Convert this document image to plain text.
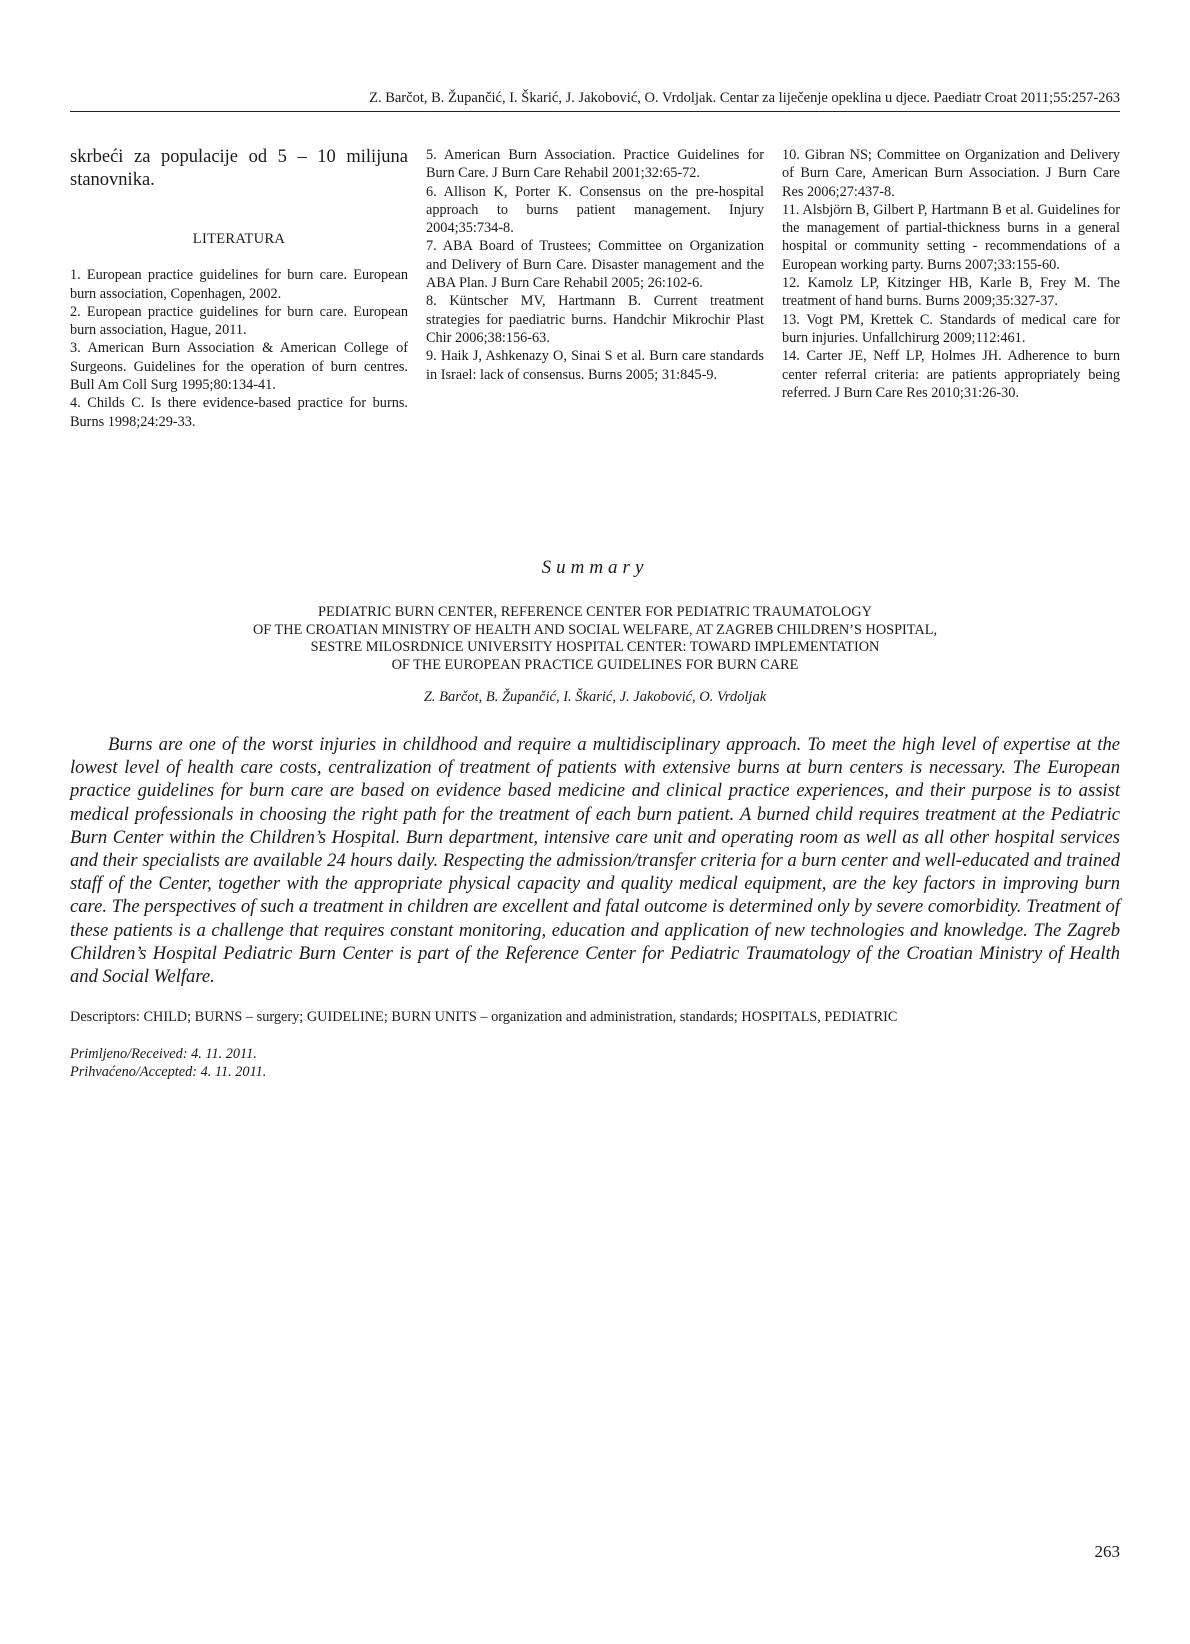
Z. Barčot, B. Župančić, I. Škarić, J. Jakobović, O. Vrdoljak. Centar za liječenje opeklina u djece. Paediatr Croat 2011;55:257-263

skrbeći za populacije od 5 – 10 milijuna stanovnika.

LITERATURA

1. European practice guidelines for burn care. European burn association, Copenhagen, 2002.

2. European practice guidelines for burn care. European burn association, Hague, 2011.

3. American Burn Association & American College of Surgeons. Guidelines for the operation of burn centres. Bull Am Coll Surg 1995;80:134-41.

4. Childs C. Is there evidence-based practice for burns. Burns 1998;24:29-33.

5. American Burn Association. Practice Guidelines for Burn Care. J Burn Care Rehabil 2001;32:65-72.

6. Allison K, Porter K. Consensus on the pre-hospital approach to burns patient management. Injury 2004;35:734-8.

7. ABA Board of Trustees; Committee on Organization and Delivery of Burn Care. Disaster management and the ABA Plan. J Burn Care Rehabil 2005; 26:102-6.

8. Küntscher MV, Hartmann B. Current treatment strategies for paediatric burns. Handchir Mikrochir Plast Chir 2006;38:156-63.

9. Haik J, Ashkenazy O, Sinai S et al. Burn care standards in Israel: lack of consensus. Burns 2005; 31:845-9.

10. Gibran NS; Committee on Organization and Delivery of Burn Care, American Burn Association. J Burn Care Res 2006;27:437-8.

11. Alsbjörn B, Gilbert P, Hartmann B et al. Guidelines for the management of partial-thickness burns in a general hospital or community setting - recommendations of a European working party. Burns 2007;33:155-60.

12. Kamolz LP, Kitzinger HB, Karle B, Frey M. The treatment of hand burns. Burns 2009;35:327-37.

13. Vogt PM, Krettek C. Standards of medical care for burn injuries. Unfallchirurg 2009;112:461.

14. Carter JE, Neff LP, Holmes JH. Adherence to burn center referral criteria: are patients appropriately being referred. J Burn Care Res 2010;31:26-30.

Summary
PEDIATRIC BURN CENTER, REFERENCE CENTER FOR PEDIATRIC TRAUMATOLOGY
OF THE CROATIAN MINISTRY OF HEALTH AND SOCIAL WELFARE, AT ZAGREB CHILDREN’S HOSPITAL,
SESTRE MILOSRDNICE UNIVERSITY HOSPITAL CENTER: TOWARD IMPLEMENTATION
OF THE EUROPEAN PRACTICE GUIDELINES FOR BURN CARE
Z. Barčot, B. Župančić, I. Škarić, J. Jakobović, O. Vrdoljak

Burns are one of the worst injuries in childhood and require a multidisciplinary approach. To meet the high level of expertise at the lowest level of health care costs, centralization of treatment of patients with extensive burns at burn centers is necessary. The European practice guidelines for burn care are based on evidence based medicine and clinical practice experiences, and their purpose is to assist medical professionals in choosing the right path for the treatment of each burn patient. A burned child requires treatment at the Pediatric Burn Center within the Children’s Hospital. Burn department, intensive care unit and operating room as well as all other hospital services and their specialists are available 24 hours daily. Respecting the admission/transfer criteria for a burn center and well-educated and trained staff of the Center, together with the appropriate physical capacity and quality medical equipment, are the key factors in improving burn care. The perspectives of such a treatment in children are excellent and fatal outcome is determined only by severe comorbidity. Treatment of these patients is a challenge that requires constant monitoring, education and application of new technologies and knowledge. The Zagreb Children’s Hospital Pediatric Burn Center is part of the Reference Center for Pediatric Traumatology of the Croatian Ministry of Health and Social Welfare.

Descriptors: CHILD; BURNS – surgery; GUIDELINE; BURN UNITS – organization and administration, standards; HOSPITALS, PEDIATRIC
Primljeno/Received: 4. 11. 2011.
Prihvaćeno/Accepted: 4. 11. 2011.
263
